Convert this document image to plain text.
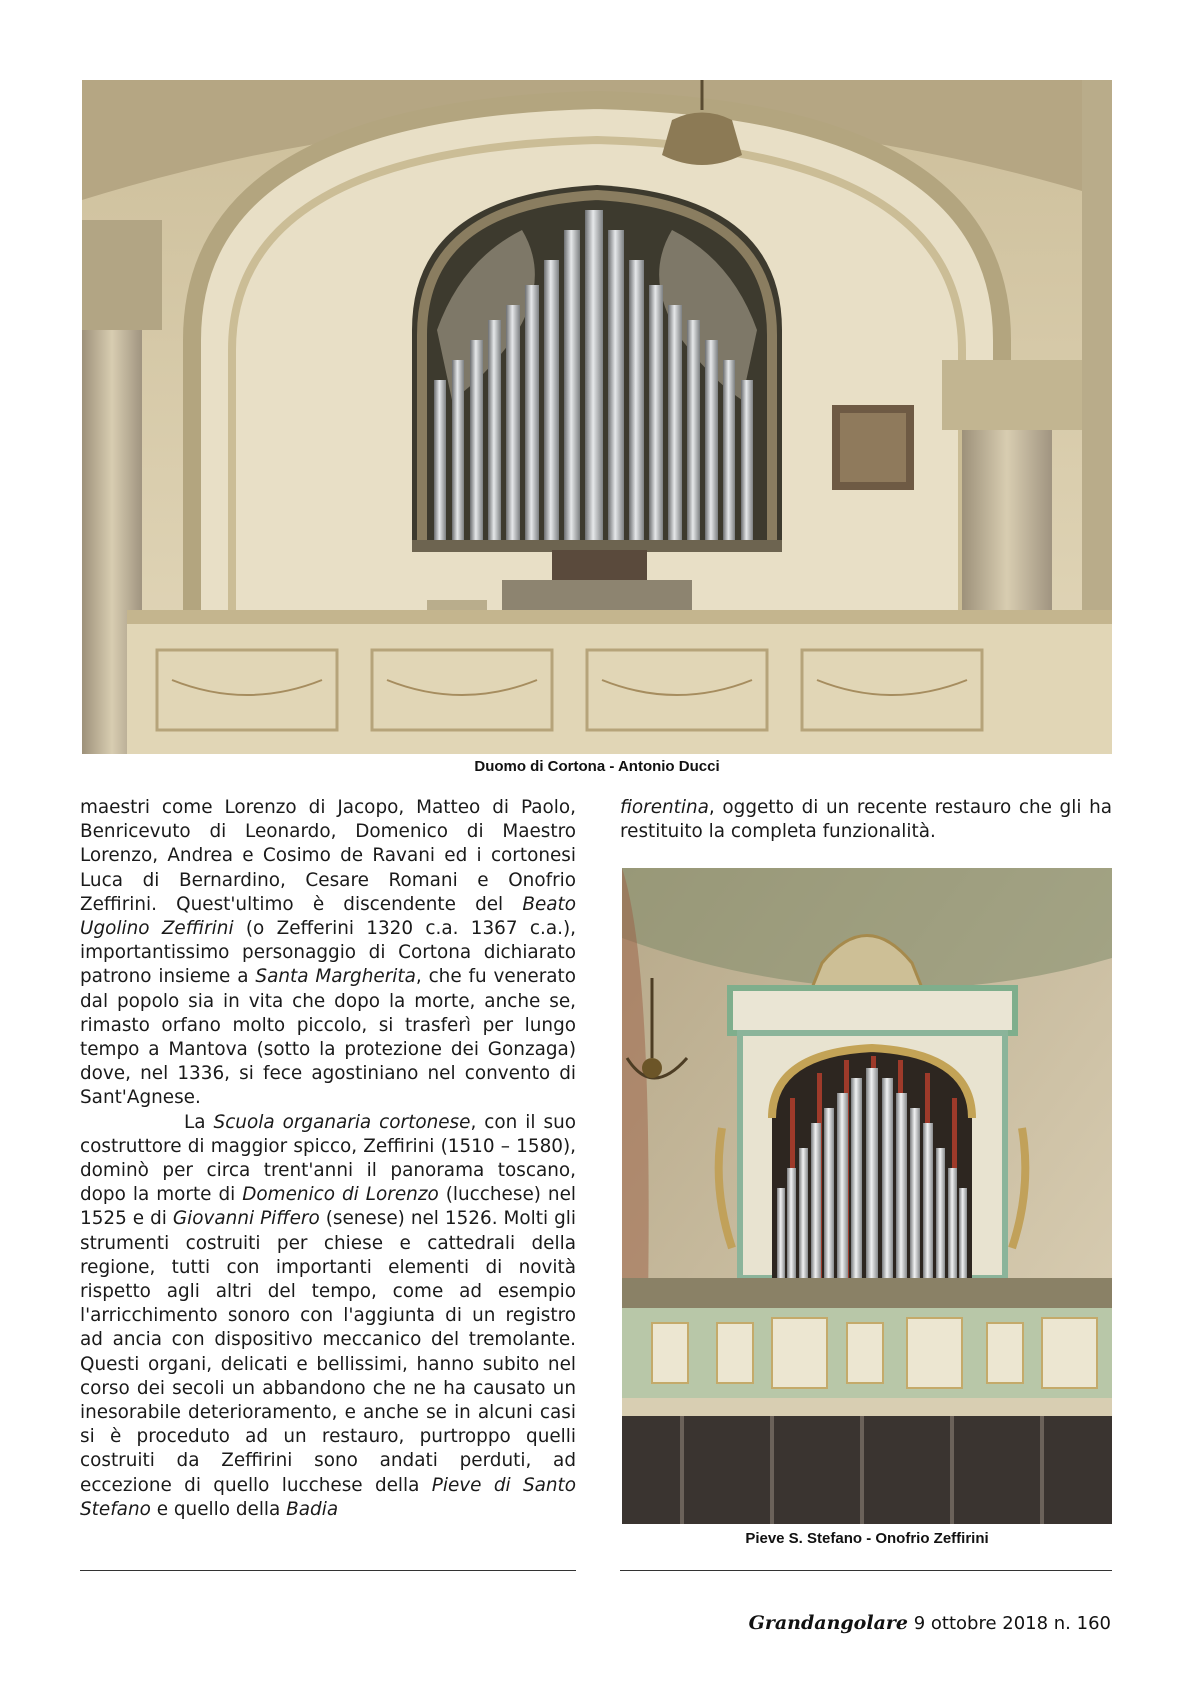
Duomo di Cortona - Antonio Ducci

maestri come Lorenzo di Jacopo, Matteo di Paolo, Benricevuto di Leonardo, Domenico di Maestro Lorenzo, Andrea e Cosimo de Ravani ed i cortonesi Luca di Bernardino, Cesare Romani e Onofrio Zeffirini. Quest'ultimo è discendente del Beato Ugolino Zeffirini (o Zefferini 1320 c.a. 1367 c.a.), importantissimo personaggio di Cortona dichiarato patrono insieme a Santa Margherita, che fu venerato dal popolo sia in vita che dopo la morte, anche se, rimasto orfano molto piccolo, si trasferì per lungo tempo a Mantova (sotto la protezione dei Gonzaga) dove, nel 1336, si fece agostiniano nel convento di Sant'Agnese.

La Scuola organaria cortonese, con il suo costruttore di maggior spicco, Zeffirini (1510 – 1580), dominò per circa trent'anni il panorama toscano, dopo la morte di Domenico di Lorenzo (lucchese) nel 1525 e di Giovanni Piffero (senese) nel 1526. Molti gli strumenti costruiti per chiese e cattedrali della regione, tutti con importanti elementi di novità rispetto agli altri del tempo, come ad esempio l'arricchimento sonoro con l'aggiunta di un registro ad ancia con dispositivo meccanico del tremolante. Questi organi, delicati e bellissimi, hanno subito nel corso dei secoli un abbandono che ne ha causato un inesorabile deterioramento, e anche se in alcuni casi si è proceduto ad un restauro, purtroppo quelli costruiti da Zeffirini sono andati perduti, ad eccezione di quello lucchese della Pieve di Santo Stefano e quello della Badia

fiorentina, oggetto di un recente restauro che gli ha restituito la completa funzionalità.

Pieve S. Stefano - Onofrio Zeffirini
Grandangolare 9 ottobre 2018 n. 160
